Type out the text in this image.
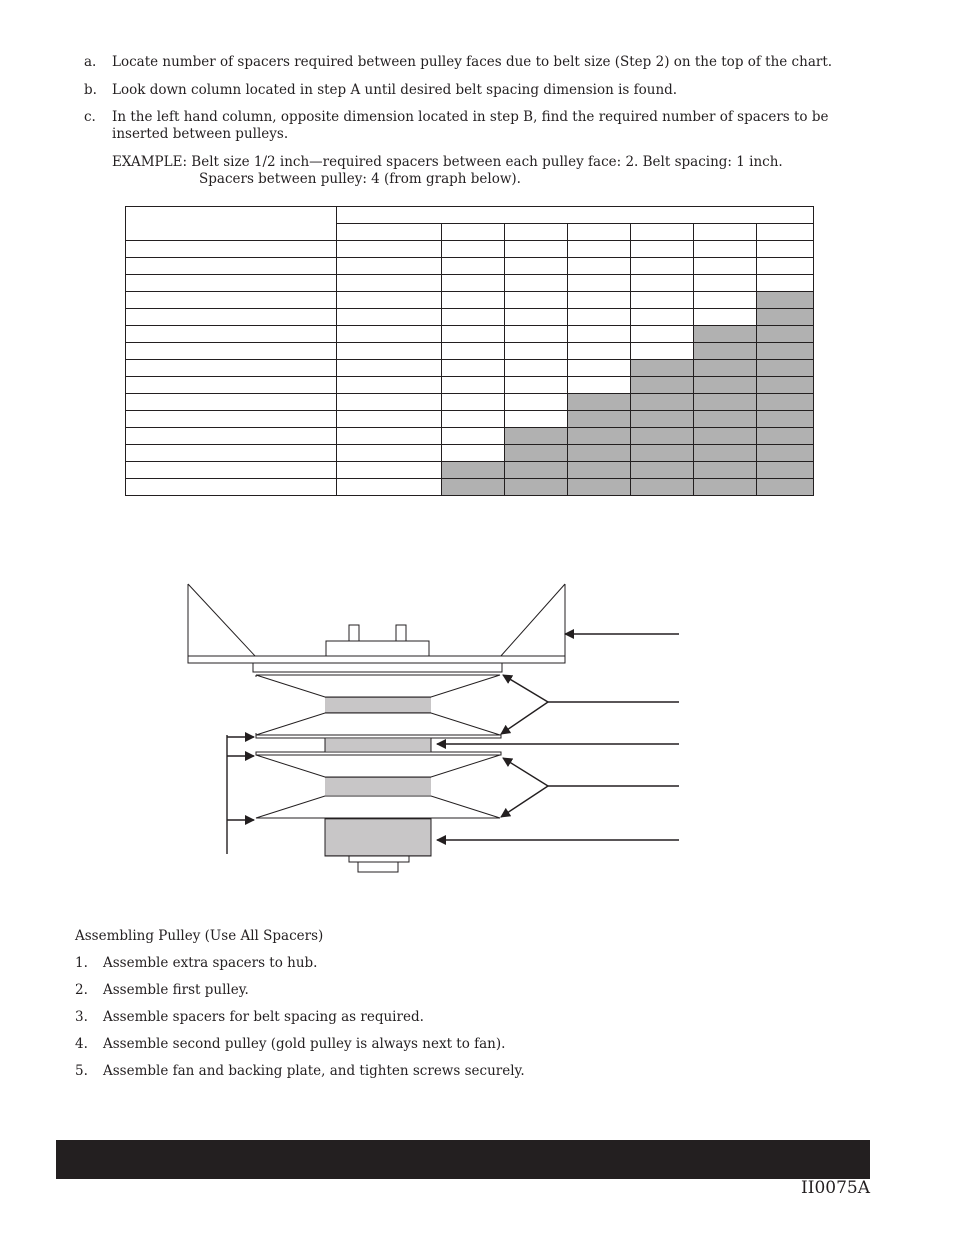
a. Locate number of spacers required between pulley faces due to belt size (Step 2) on the top of the chart.
b. Look down column located in step A until desired belt spacing dimension is found.
c. In the left hand column, opposite dimension located in step B, find the required number of spacers to be inserted between pulleys.
EXAMPLE: Belt size 1/2 inch—required spacers between each pulley face: 2. Belt spacing: 1 inch.
Spacers between pulley: 4 (from graph below).

Assembling Pulley (Use All Spacers)
1. Assemble extra spacers to hub.
2. Assemble first pulley.
3. Assemble spacers for belt spacing as required.
4. Assemble second pulley (gold pulley is always next to fan).
5. Assemble fan and backing plate, and tighten screws securely.
II0075A
